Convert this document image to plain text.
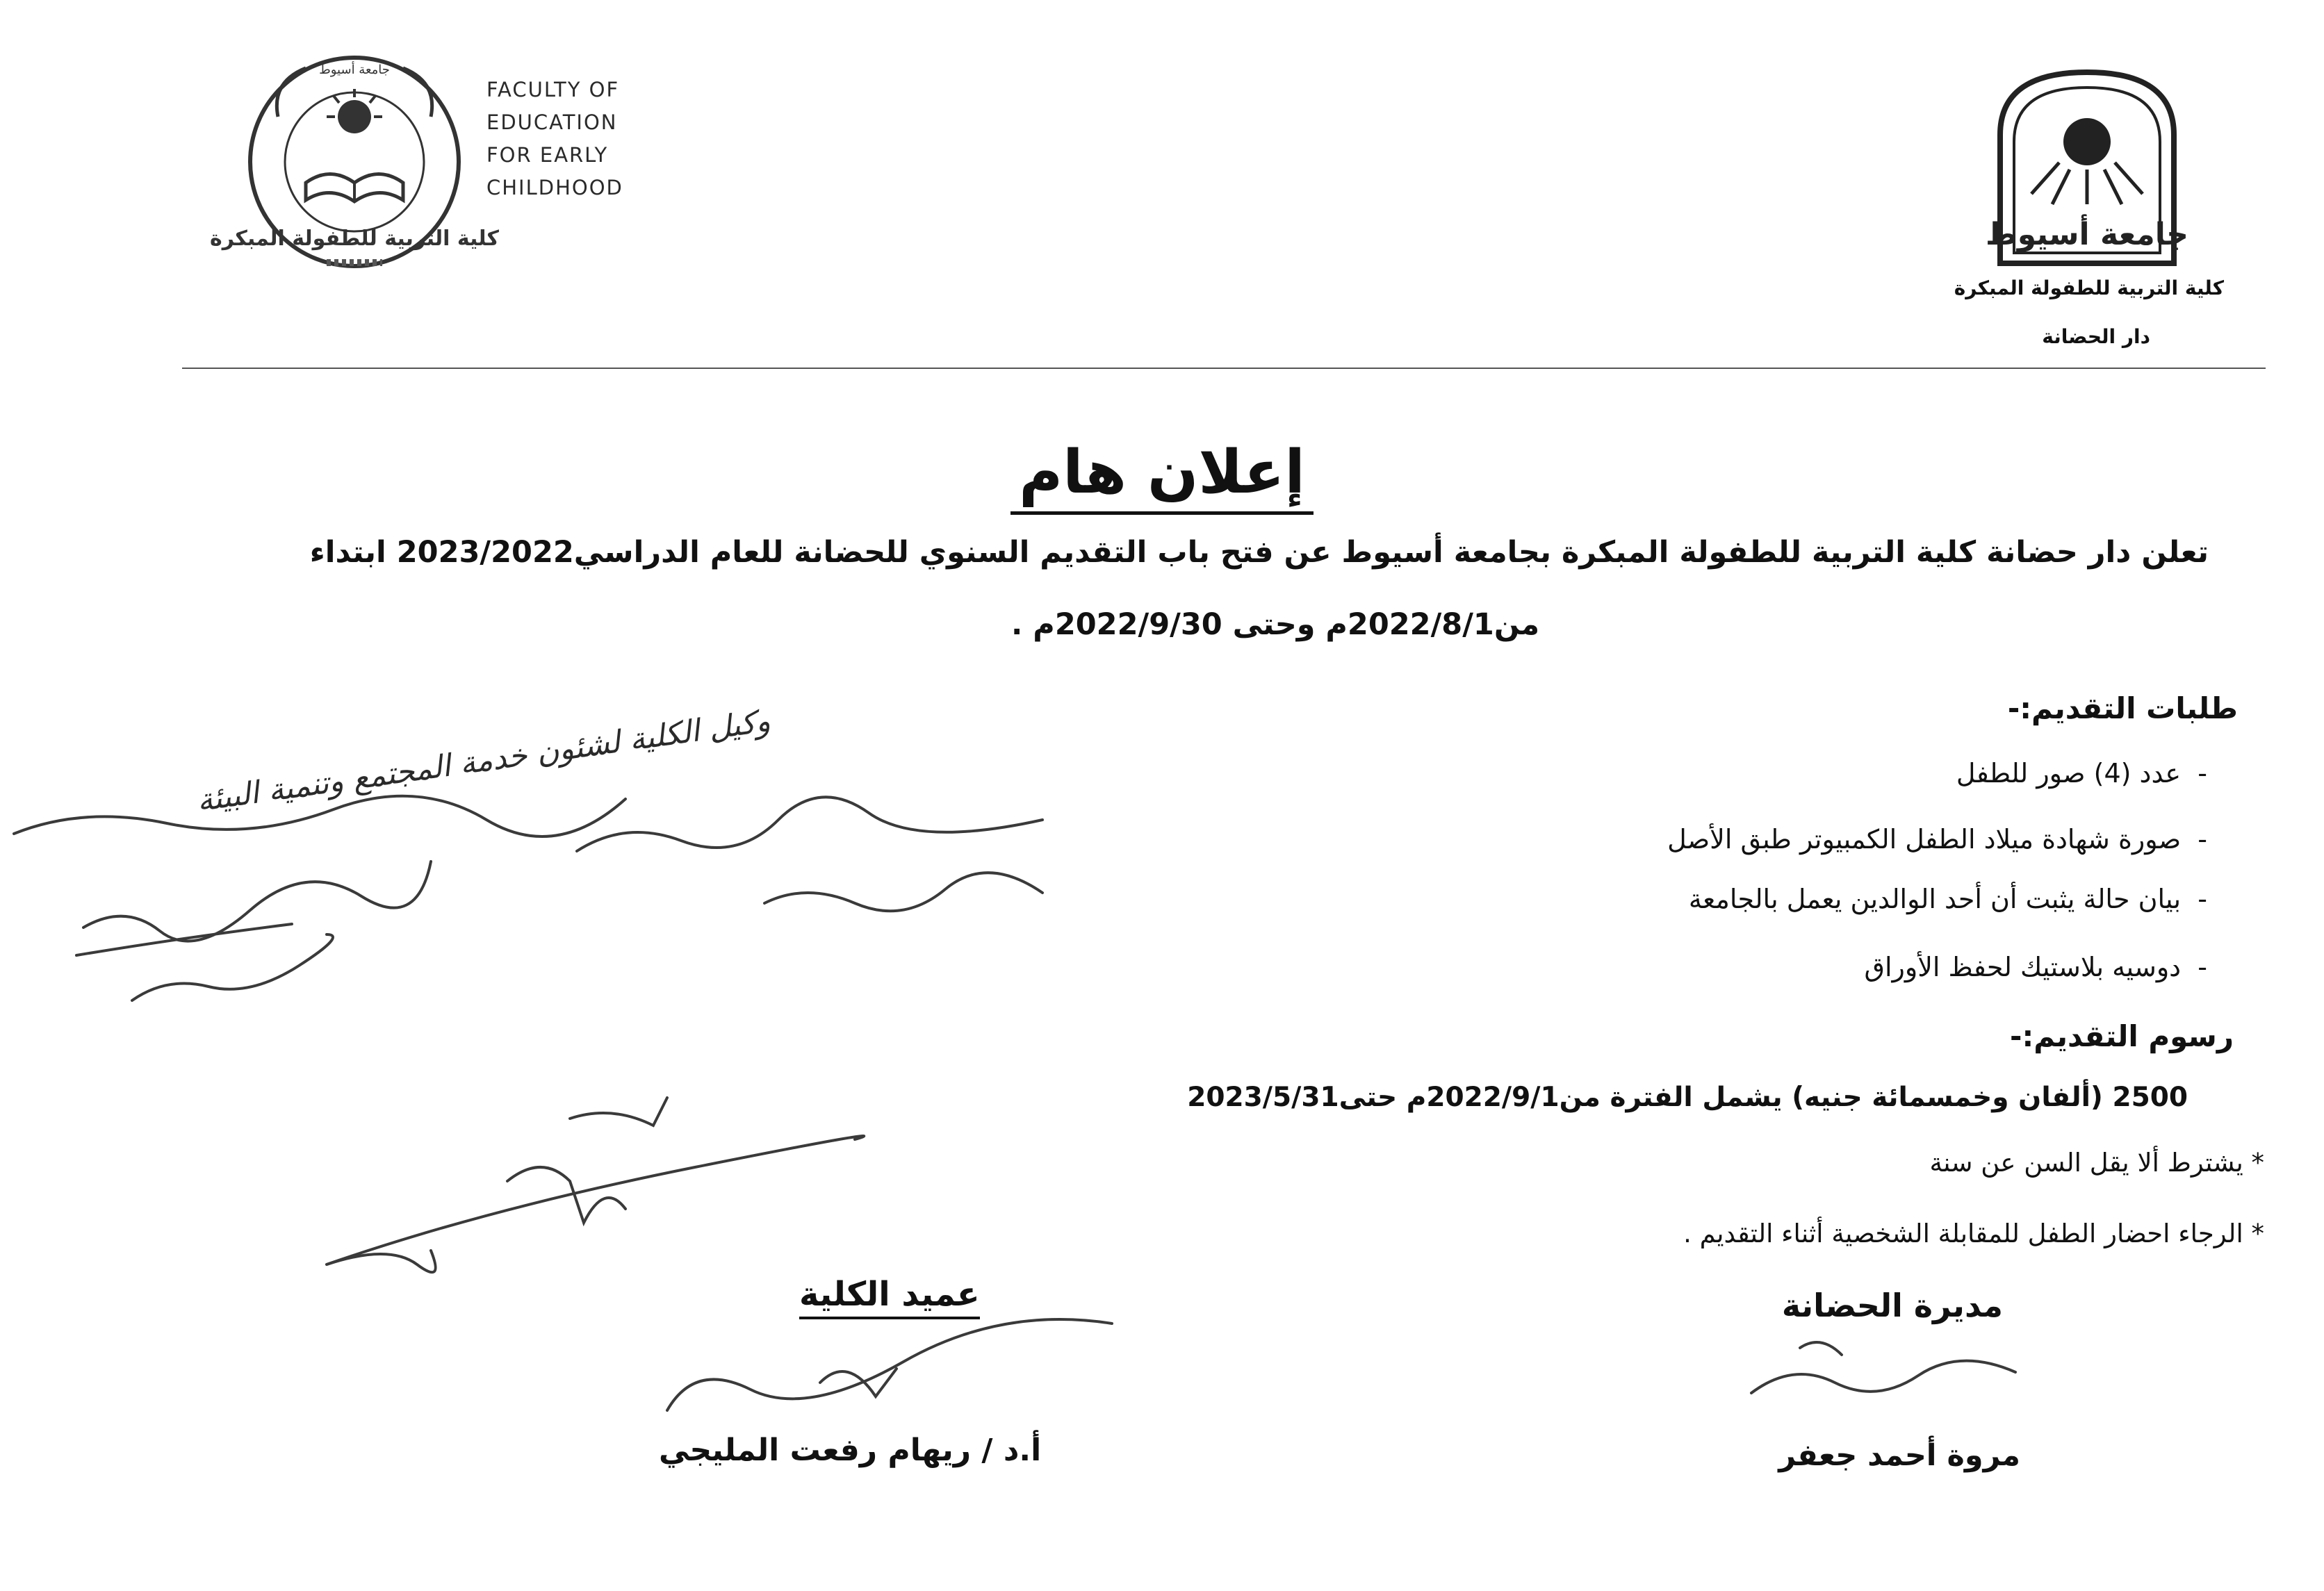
كلية التربية للطفولة المبكرة
جامعة أسيوط
FACULTY OF
EDUCATION
FOR EARLY
CHILDHOOD
جامعة أسيوط
كلية التربية للطفولة المبكرة
دار الحضانة
إعلان هام
تعلن دار حضانة كلية التربية للطفولة المبكرة بجامعة أسيوط عن فتح باب التقديم السنوي للحضانة للعام الدراسي2023/2022 ابتداء
من2022/8/1م وحتى 2022/9/30م .
طلبات التقديم:-
-  عدد (4) صور للطفل
-  صورة شهادة ميلاد الطفل الكمبيوتر طبق الأصل
-  بيان حالة يثبت أن أحد الوالدين يعمل بالجامعة
-  دوسيه بلاستيك لحفظ الأوراق
رسوم التقديم:-
2500 (ألفان وخمسمائة جنيه) يشمل الفترة من2022/9/1م حتى2023/5/31
* يشترط ألا يقل السن عن سنة
* الرجاء احضار الطفل للمقابلة الشخصية أثناء التقديم .
مديرة الحضانة
مروة أحمد جعفر
عميد الكلية
أ.د / ريهام رفعت المليجي
وكيل الكلية لشئون خدمة المجتمع وتنمية البيئة
